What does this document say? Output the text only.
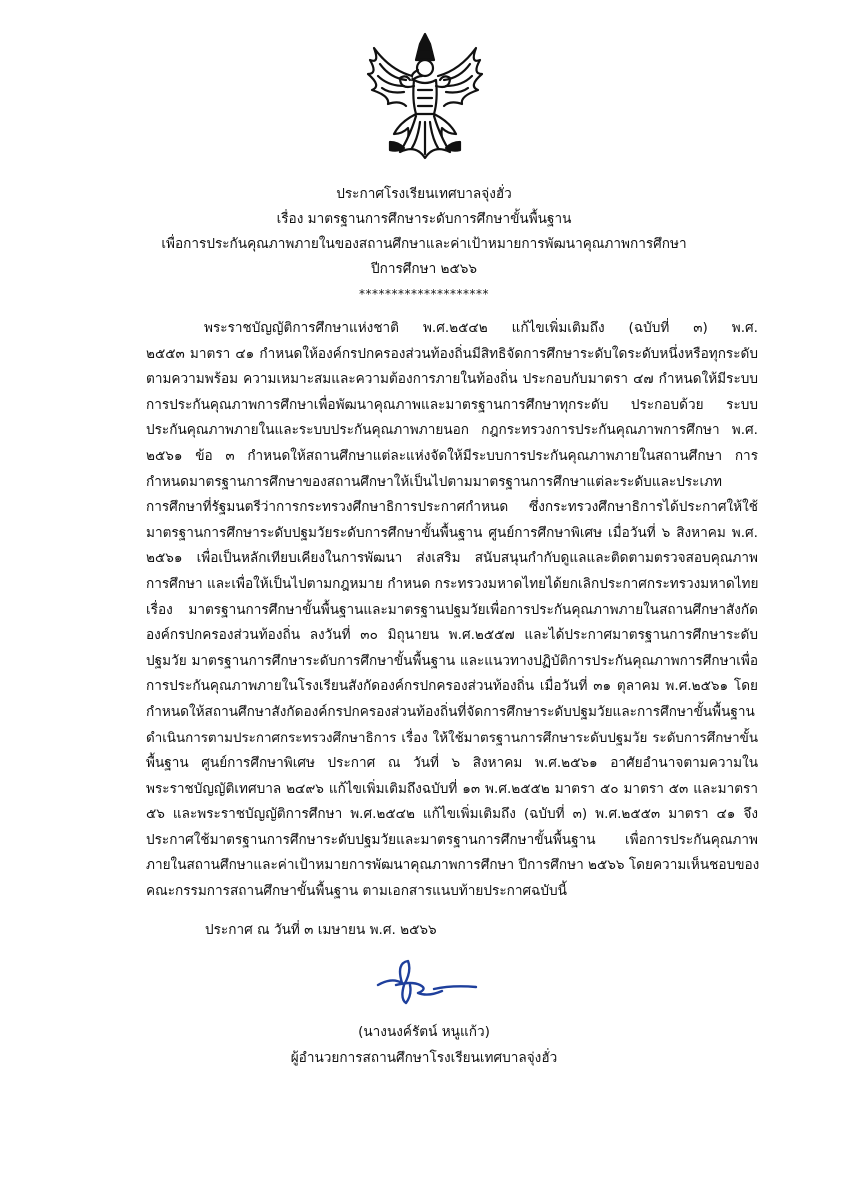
ประกาศโรงเรียนเทศบาลจุ่งฮั่ว
เรื่อง มาตรฐานการศึกษาระดับการศึกษาขั้นพื้นฐาน
เพื่อการประกันคุณภาพภายในของสถานศึกษาและค่าเป้าหมายการพัฒนาคุณภาพการศึกษา
ปีการศึกษา ๒๕๖๖
********************
พระราชบัญญัติการศึกษาแห่งชาติ พ.ศ.๒๕๔๒ แก้ไขเพิ่มเติมถึง (ฉบับที่ ๓) พ.ศ.
๒๕๕๓ มาตรา ๔๑ กำหนดให้องค์กรปกครองส่วนท้องถิ่นมีสิทธิจัดการศึกษาระดับใดระดับหนึ่งหรือทุกระดับ
ตามความพร้อม ความเหมาะสมและความต้องการภายในท้องถิ่น ประกอบกับมาตรา ๔๗ กำหนดให้มีระบบ
การประกันคุณภาพการศึกษาเพื่อพัฒนาคุณภาพและมาตรฐานการศึกษาทุกระดับ ประกอบด้วย ระบบ
ประกันคุณภาพภายในและระบบประกันคุณภาพภายนอก กฎกระทรวงการประกันคุณภาพการศึกษา พ.ศ.
๒๕๖๑ ข้อ ๓ กำหนดให้สถานศึกษาแต่ละแห่งจัดให้มีระบบการประกันคุณภาพภายในสถานศึกษา การ
กำหนดมาตรฐานการศึกษาของสถานศึกษาให้เป็นไปตามมาตรฐานการศึกษาแต่ละระดับและประเภท
การศึกษาที่รัฐมนตรีว่าการกระทรวงศึกษาธิการประกาศกำหนด ซึ่งกระทรวงศึกษาธิการได้ประกาศให้ใช้
มาตรฐานการศึกษาระดับปฐมวัยระดับการศึกษาขั้นพื้นฐาน ศูนย์การศึกษาพิเศษ เมื่อวันที่ ๖ สิงหาคม พ.ศ.
๒๕๖๑ เพื่อเป็นหลักเทียบเคียงในการพัฒนา ส่งเสริม สนับสนุนกำกับดูแลและติดตามตรวจสอบคุณภาพ
การศึกษา และเพื่อให้เป็นไปตามกฎหมาย กำหนด กระทรวงมหาดไทยได้ยกเลิกประกาศกระทรวงมหาดไทย
เรื่อง มาตรฐานการศึกษาขั้นพื้นฐานและมาตรฐานปฐมวัยเพื่อการประกันคุณภาพภายในสถานศึกษาสังกัด
องค์กรปกครองส่วนท้องถิ่น ลงวันที่ ๓๐ มิถุนายน พ.ศ.๒๕๕๗ และได้ประกาศมาตรฐานการศึกษาระดับ
ปฐมวัย มาตรฐานการศึกษาระดับการศึกษาขั้นพื้นฐาน และแนวทางปฏิบัติการประกันคุณภาพการศึกษาเพื่อ
การประกันคุณภาพภายในโรงเรียนสังกัดองค์กรปกครองส่วนท้องถิ่น เมื่อวันที่ ๓๑ ตุลาคม พ.ศ.๒๕๖๑ โดย
กำหนดให้สถานศึกษาสังกัดองค์กรปกครองส่วนท้องถิ่นที่จัดการศึกษาระดับปฐมวัยและการศึกษาขั้นพื้นฐาน
ดำเนินการตามประกาศกระทรวงศึกษาธิการ เรื่อง ให้ใช้มาตรฐานการศึกษาระดับปฐมวัย ระดับการศึกษาขั้น
พื้นฐาน ศูนย์การศึกษาพิเศษ ประกาศ ณ วันที่ ๖ สิงหาคม พ.ศ.๒๕๖๑ อาศัยอำนาจตามความใน
พระราชบัญญัติเทศบาล ๒๔๙๖ แก้ไขเพิ่มเติมถึงฉบับที่ ๑๓ พ.ศ.๒๕๕๒ มาตรา ๕๐ มาตรา ๕๓ และมาตรา
๕๖ และพระราชบัญญัติการศึกษา พ.ศ.๒๕๔๒ แก้ไขเพิ่มเติมถึง (ฉบับที่ ๓) พ.ศ.๒๕๕๓ มาตรา ๔๑ จึง
ประกาศใช้มาตรฐานการศึกษาระดับปฐมวัยและมาตรฐานการศึกษาขั้นพื้นฐาน เพื่อการประกันคุณภาพ
ภายในสถานศึกษาและค่าเป้าหมายการพัฒนาคุณภาพการศึกษา ปีการศึกษา ๒๕๖๖ โดยความเห็นชอบของ
คณะกรรมการสถานศึกษาขั้นพื้นฐาน ตามเอกสารแนบท้ายประกาศฉบับนี้
ประกาศ ณ วันที่ ๓ เมษายน พ.ศ. ๒๕๖๖
(นางนงค์รัตน์ หนูแก้ว)
ผู้อำนวยการสถานศึกษาโรงเรียนเทศบาลจุ่งฮั่ว
